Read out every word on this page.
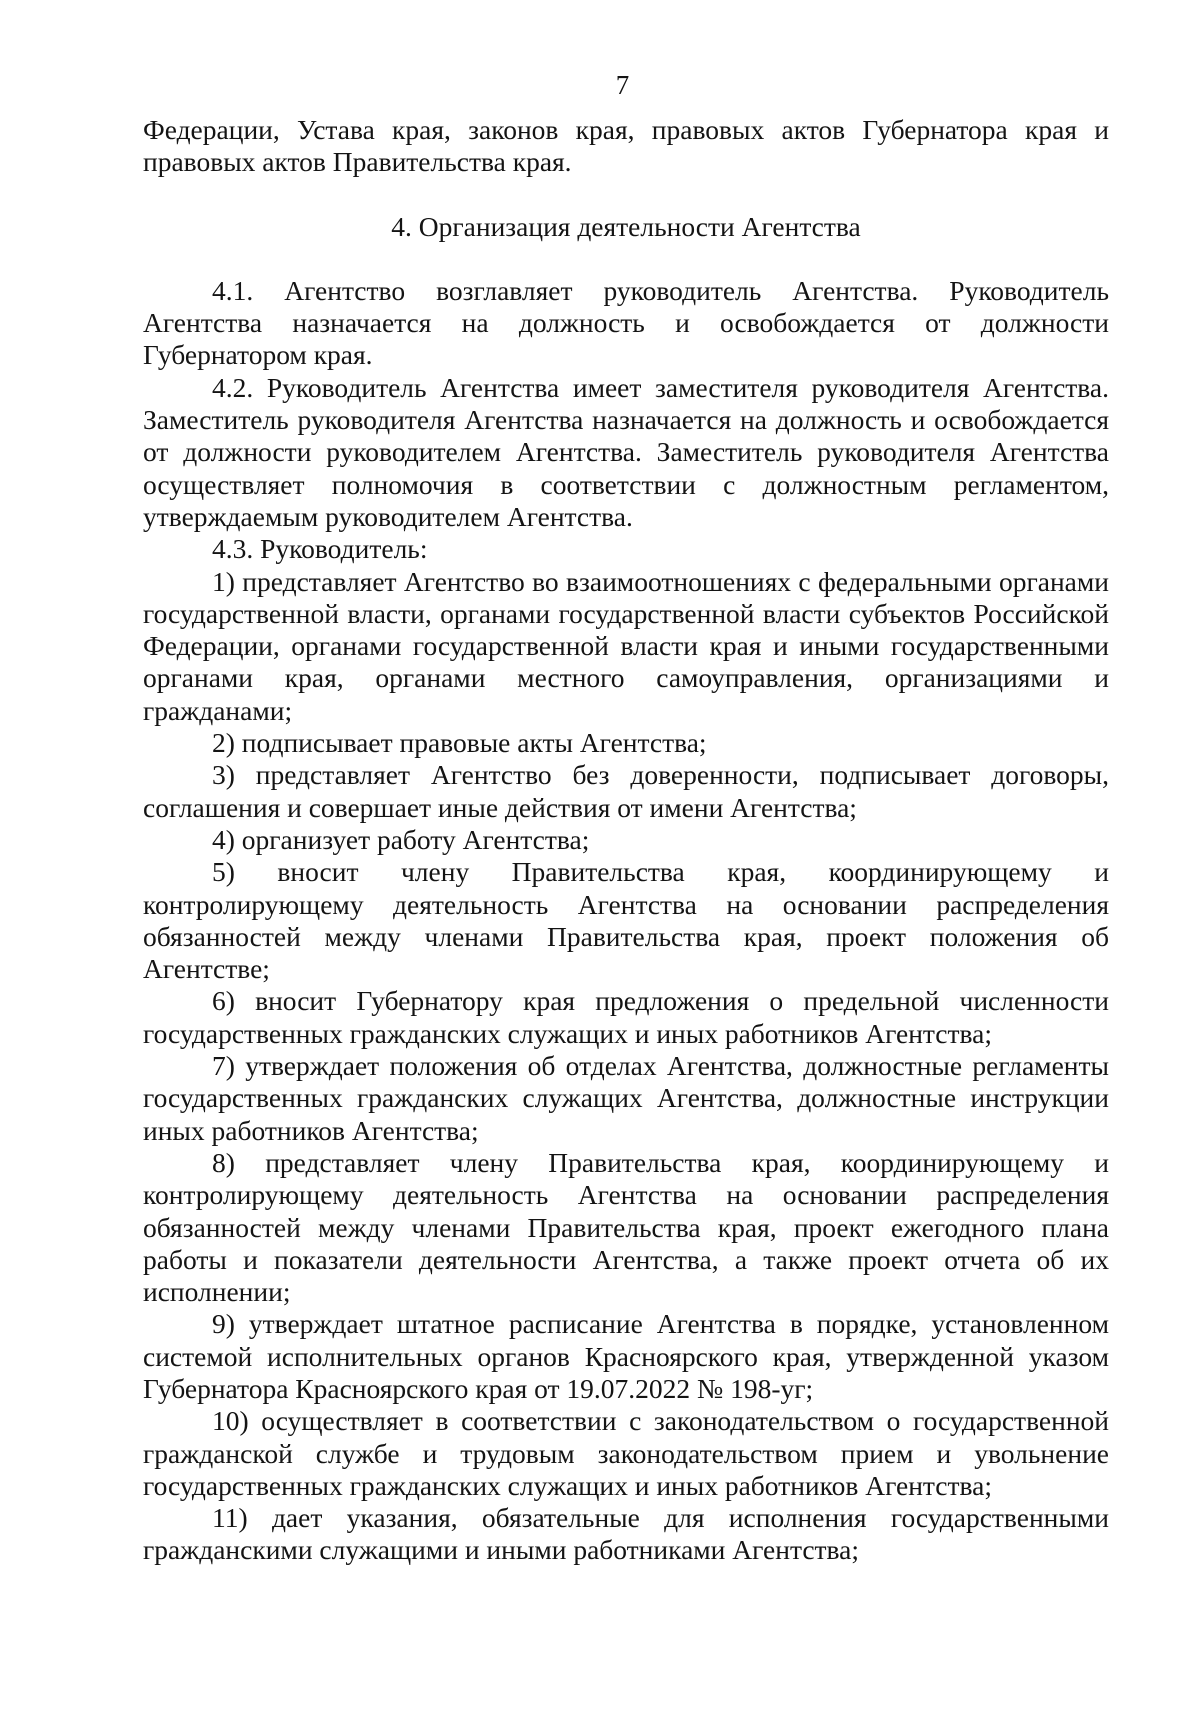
7

Федерации, Устава края, законов края, правовых актов Губернатора края и правовых актов Правительства края.

4. Организация деятельности Агентства

4.1. Агентство возглавляет руководитель Агентства. Руководитель Агентства назначается на должность и освобождается от должности Губернатором края.

4.2. Руководитель Агентства имеет заместителя руководителя Агентства. Заместитель руководителя Агентства назначается на должность и освобождается от должности руководителем Агентства. Заместитель руководителя Агентства осуществляет полномочия в соответствии с должностным регламентом, утверждаемым руководителем Агентства.

4.3. Руководитель:

1) представляет Агентство во взаимоотношениях с федеральными органами государственной власти, органами государственной власти субъектов Российской Федерации, органами государственной власти края и иными государственными органами края, органами местного самоуправления, организациями и гражданами;

2) подписывает правовые акты Агентства;

3) представляет Агентство без доверенности, подписывает договоры, соглашения и совершает иные действия от имени Агентства;

4) организует работу Агентства;

5) вносит члену Правительства края, координирующему и контролирующему деятельность Агентства на основании распределения обязанностей между членами Правительства края, проект положения об Агентстве;

6) вносит Губернатору края предложения о предельной численности государственных гражданских служащих и иных работников Агентства;

7) утверждает положения об отделах Агентства, должностные регламенты государственных гражданских служащих Агентства, должностные инструкции иных работников Агентства;

8) представляет члену Правительства края, координирующему и контролирующему деятельность Агентства на основании распределения обязанностей между членами Правительства края, проект ежегодного плана работы и показатели деятельности Агентства, а также проект отчета об их исполнении;

9) утверждает штатное расписание Агентства в порядке, установленном системой исполнительных органов Красноярского края, утвержденной указом Губернатора Красноярского края от 19.07.2022 № 198-уг;

10) осуществляет в соответствии с законодательством о государственной гражданской службе и трудовым законодательством прием и увольнение государственных гражданских служащих и иных работников Агентства;

11) дает указания, обязательные для исполнения государственными гражданскими служащими и иными работниками Агентства;
